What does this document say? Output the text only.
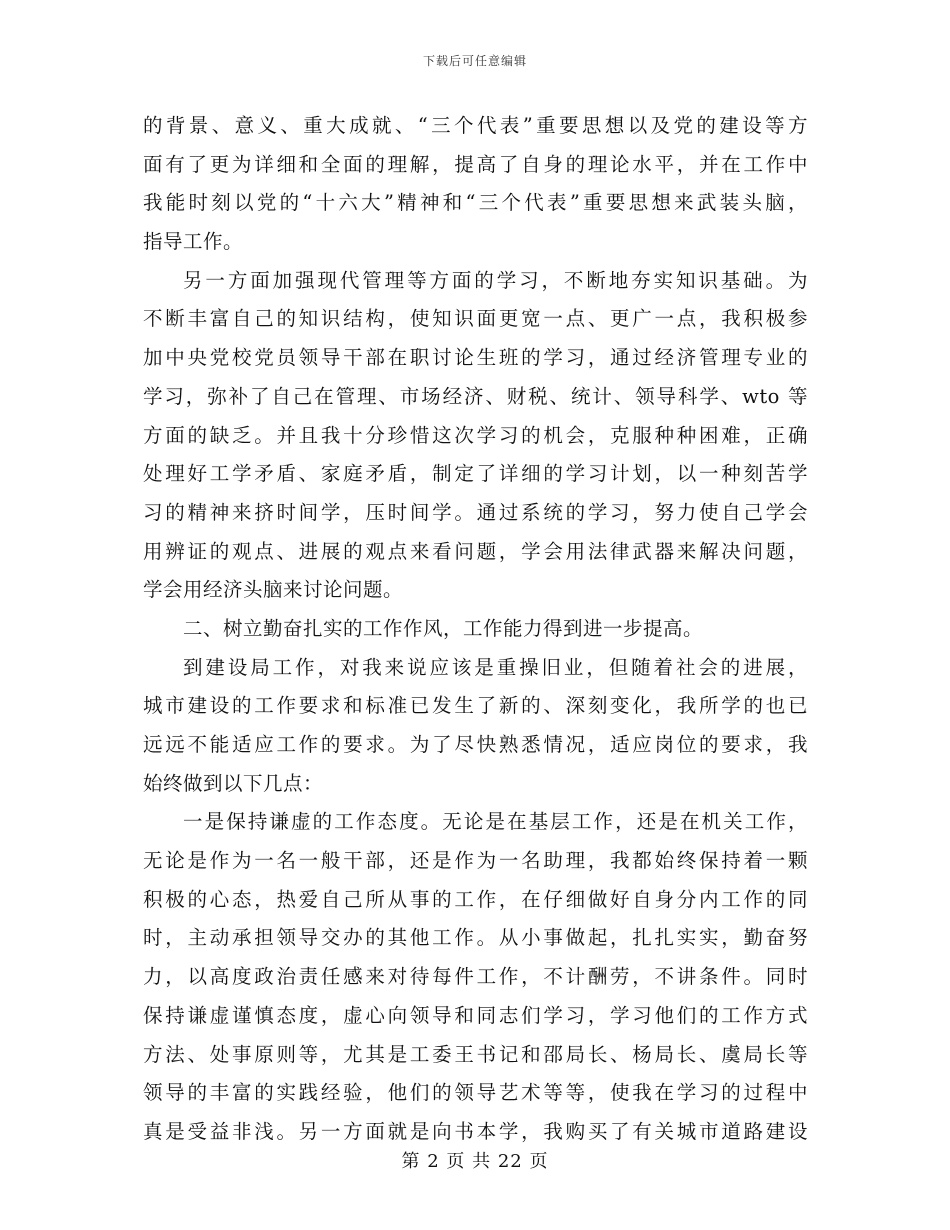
下载后可任意编辑
的背景、意义、重大成就、“三个代表”重要思想以及党的建设等方
面有了更为详细和全面的理解，提高了自身的理论水平，并在工作中
我能时刻以党的“十六大”精神和“三个代表”重要思想来武装头脑，
指导工作。
另一方面加强现代管理等方面的学习，不断地夯实知识基础。为
不断丰富自己的知识结构，使知识面更宽一点、更广一点，我积极参
加中央党校党员领导干部在职讨论生班的学习，通过经济管理专业的
学习，弥补了自己在管理、市场经济、财税、统计、领导科学、wto 等
方面的缺乏。并且我十分珍惜这次学习的机会，克服种种困难，正确
处理好工学矛盾、家庭矛盾，制定了详细的学习计划，以一种刻苦学
习的精神来挤时间学，压时间学。通过系统的学习，努力使自己学会
用辨证的观点、进展的观点来看问题，学会用法律武器来解决问题，
学会用经济头脑来讨论问题。
二、树立勤奋扎实的工作作风，工作能力得到进一步提高。
到建设局工作，对我来说应该是重操旧业，但随着社会的进展，
城市建设的工作要求和标准已发生了新的、深刻变化，我所学的也已
远远不能适应工作的要求。为了尽快熟悉情况，适应岗位的要求，我
始终做到以下几点：
一是保持谦虚的工作态度。无论是在基层工作，还是在机关工作，
无论是作为一名一般干部，还是作为一名助理，我都始终保持着一颗
积极的心态，热爱自己所从事的工作，在仔细做好自身分内工作的同
时，主动承担领导交办的其他工作。从小事做起，扎扎实实，勤奋努
力，以高度政治责任感来对待每件工作，不计酬劳，不讲条件。同时
保持谦虚谨慎态度，虚心向领导和同志们学习，学习他们的工作方式
方法、处事原则等，尤其是工委王书记和邵局长、杨局长、虞局长等
领导的丰富的实践经验，他们的领导艺术等等，使我在学习的过程中
真是受益非浅。另一方面就是向书本学，我购买了有关城市道路建设
第 2 页 共 22 页
